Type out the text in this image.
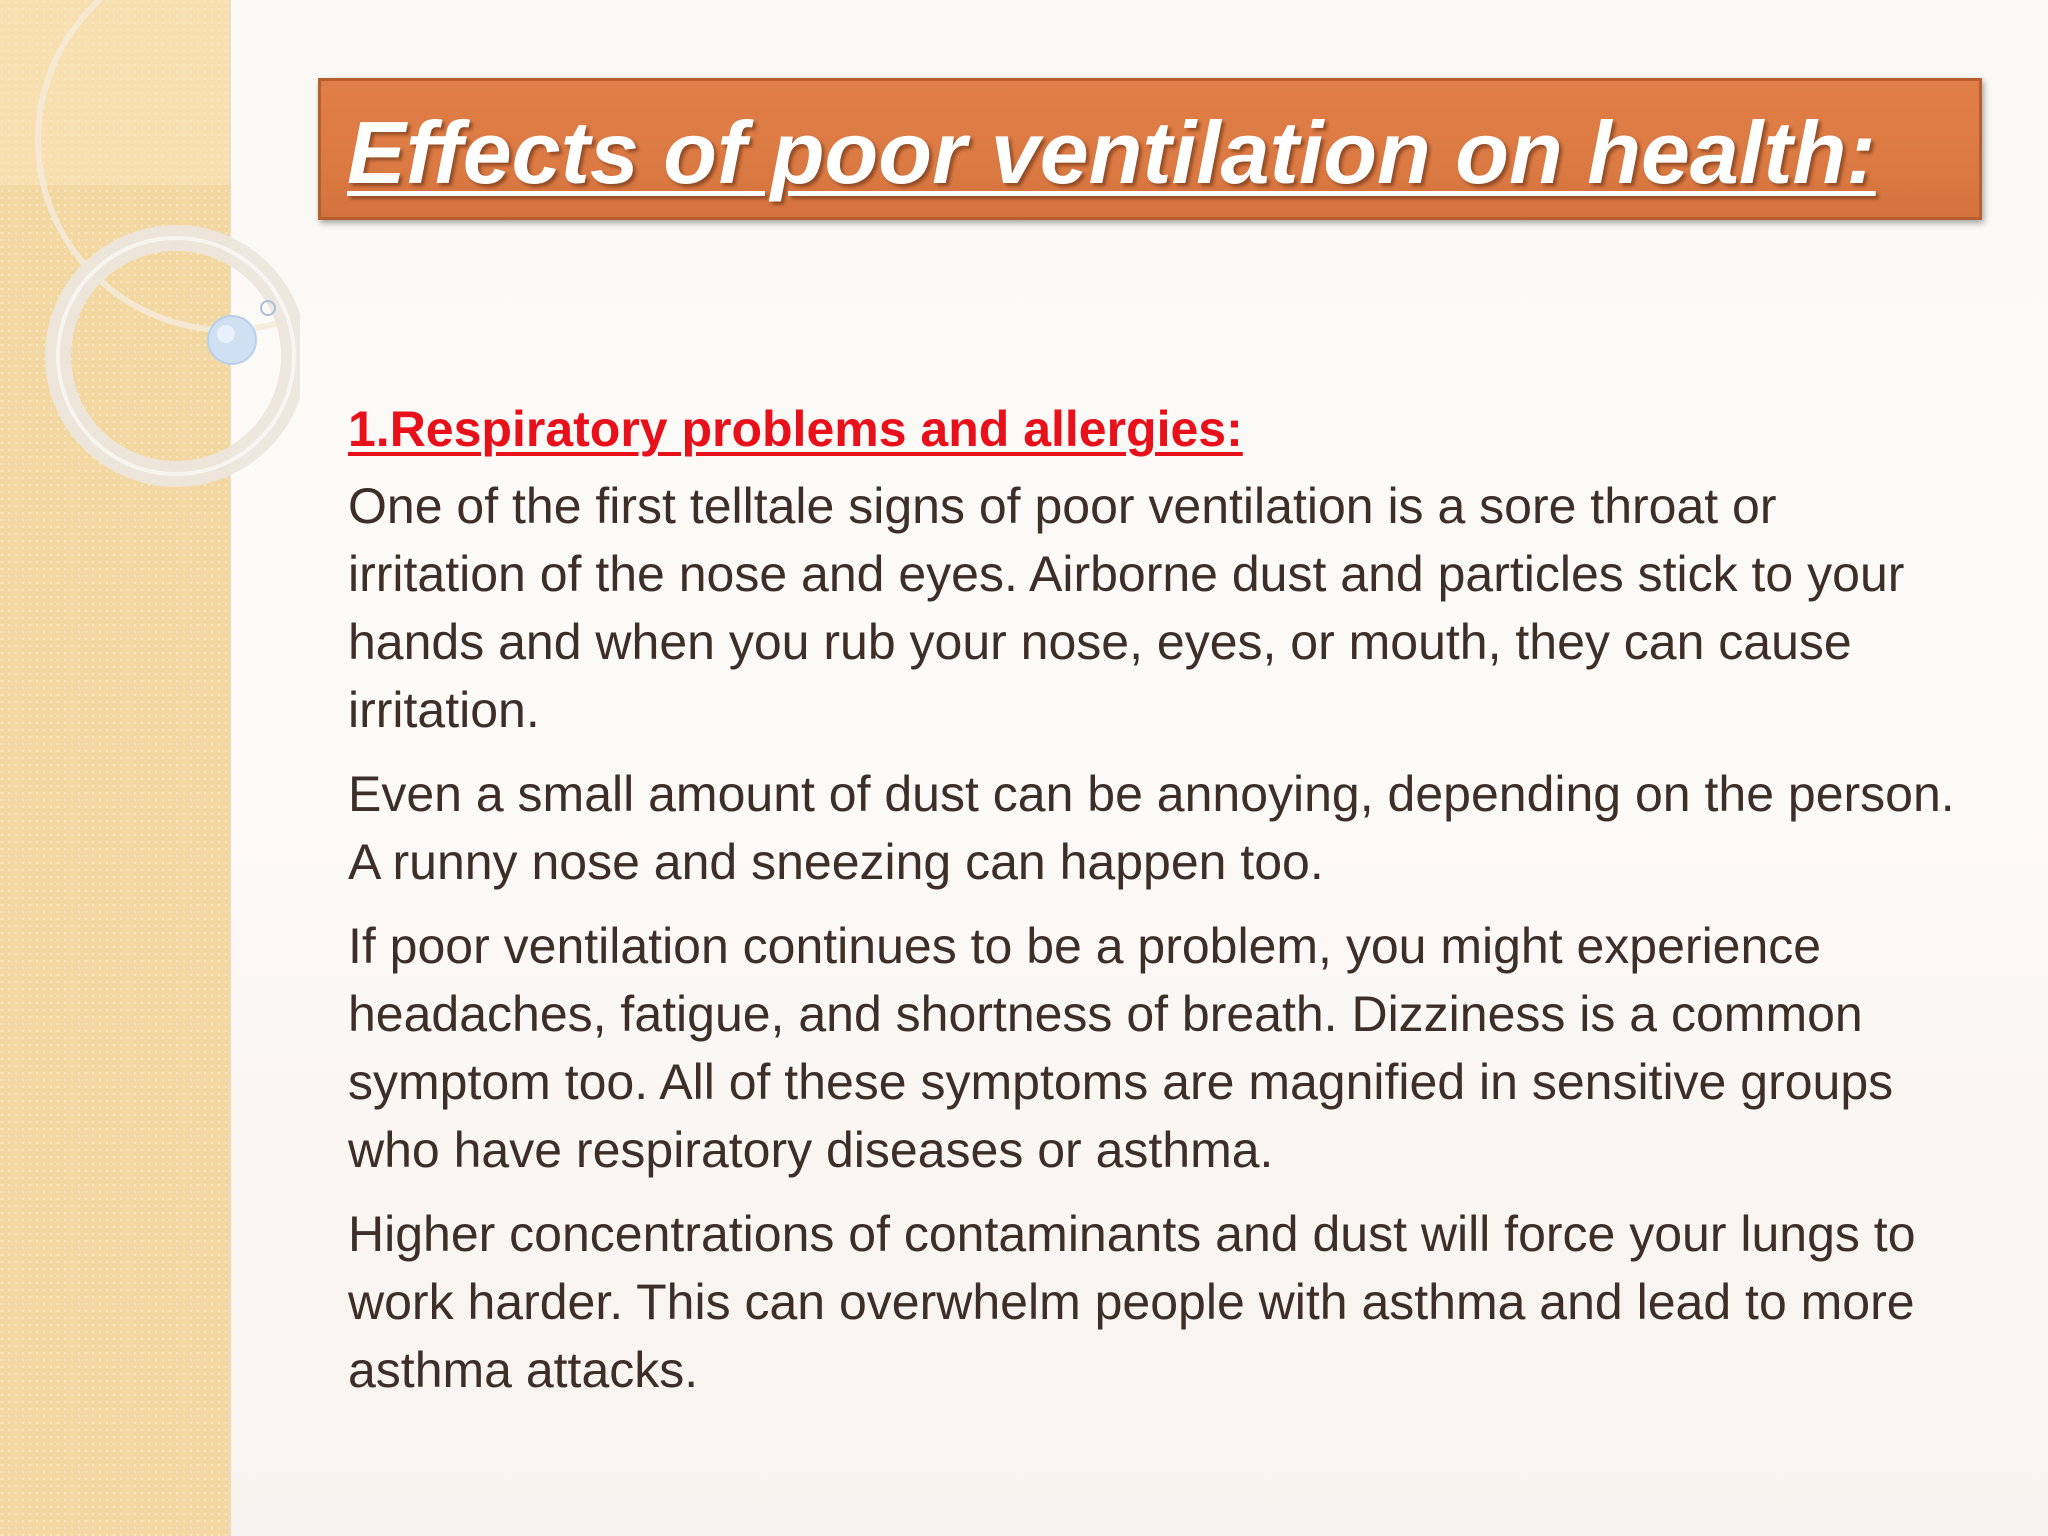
Effects of poor ventilation on health:
1.Respiratory problems and allergies:

One of the first telltale signs of poor ventilation is a sore throat or irritation of the nose and eyes. Airborne dust and particles stick to your hands and when you rub your nose, eyes, or mouth, they can cause irritation.

Even a small amount of dust can be annoying, depending on the person. A runny nose and sneezing can happen too.

If poor ventilation continues to be a problem, you might experience headaches, fatigue, and shortness of breath. Dizziness is a common symptom too. All of these symptoms are magnified in sensitive groups who have respiratory diseases or asthma.

Higher concentrations of contaminants and dust will force your lungs to work harder. This can overwhelm people with asthma and lead to more asthma attacks.
